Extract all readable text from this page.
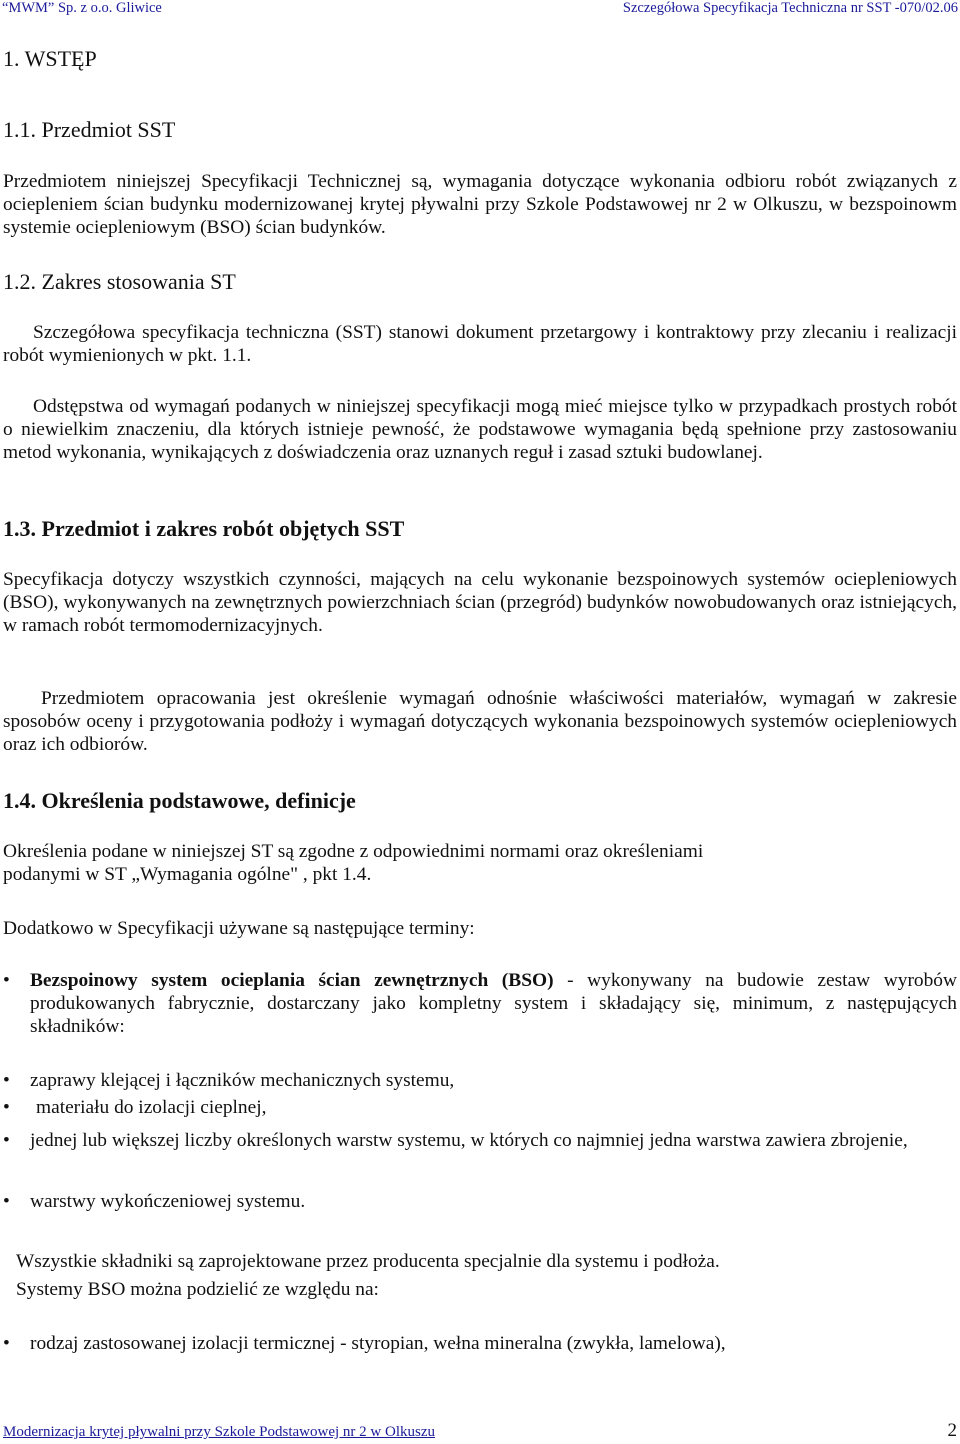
“MWM” Sp. z o.o. Gliwice	Szczegółowa Specyfikacja Techniczna nr SST -070/02.06
1. WSTĘP
1.1. Przedmiot SST
Przedmiotem niniejszej Specyfikacji Technicznej są, wymagania dotyczące wykonania odbioru robót związanych z ociepleniem ścian budynku modernizowanej krytej pływalni przy Szkole Podstawowej nr 2 w Olkuszu, w bezspoinowm systemie ociepleniowym (BSO) ścian budynków.
1.2. Zakres stosowania ST
Szczegółowa specyfikacja techniczna (SST) stanowi dokument przetargowy i kontraktowy przy zlecaniu i realizacji robót wymienionych w pkt. 1.1.
Odstępstwa od wymagań podanych w niniejszej specyfikacji mogą mieć miejsce tylko w przypadkach prostych robót o niewielkim znaczeniu, dla których istnieje pewność, że podstawowe wymagania będą spełnione przy zastosowaniu metod wykonania, wynikających z doświadczenia oraz uznanych reguł i zasad sztuki budowlanej.
1.3. Przedmiot i zakres robót objętych SST
Specyfikacja dotyczy wszystkich czynności, mających na celu wykonanie bezspoinowych systemów ociepleniowych (BSO), wykonywanych na zewnętrznych powierzchniach ścian (przegród) budynków nowobudowanych oraz istniejących, w ramach robót termomodernizacyjnych.
Przedmiotem opracowania jest określenie wymagań odnośnie właściwości materiałów, wymagań w zakresie sposobów oceny i przygotowania podłoży i wymagań dotyczących wykonania bezspoinowych systemów ociepleniowych oraz ich odbiorów.
1.4. Określenia podstawowe, definicje
Określenia podane w niniejszej ST są zgodne z odpowiednimi normami oraz określeniami
podanymi w ST „Wymagania ogólne" , pkt 1.4.
Dodatkowo w Specyfikacji używane są następujące terminy:
• Bezspoinowy system ocieplania ścian zewnętrznych (BSO) - wykonywany na budowie zestaw wyrobów produkowanych fabrycznie, dostarczany jako kompletny system i składający się, minimum, z następujących składników:
• zaprawy klejącej i łączników mechanicznych systemu,
• materiału do izolacji cieplnej,
• jednej lub większej liczby określonych warstw systemu, w których co najmniej jedna warstwa zawiera zbrojenie,
• warstwy wykończeniowej systemu.
Wszystkie składniki są zaprojektowane przez producenta specjalnie dla systemu i podłoża.
Systemy BSO można podzielić ze względu na:
• rodzaj zastosowanej izolacji termicznej - styropian, wełna mineralna (zwykła, lamelowa),
Modernizacja krytej pływalni przy Szkole Podstawowej nr 2 w Olkuszu	2
